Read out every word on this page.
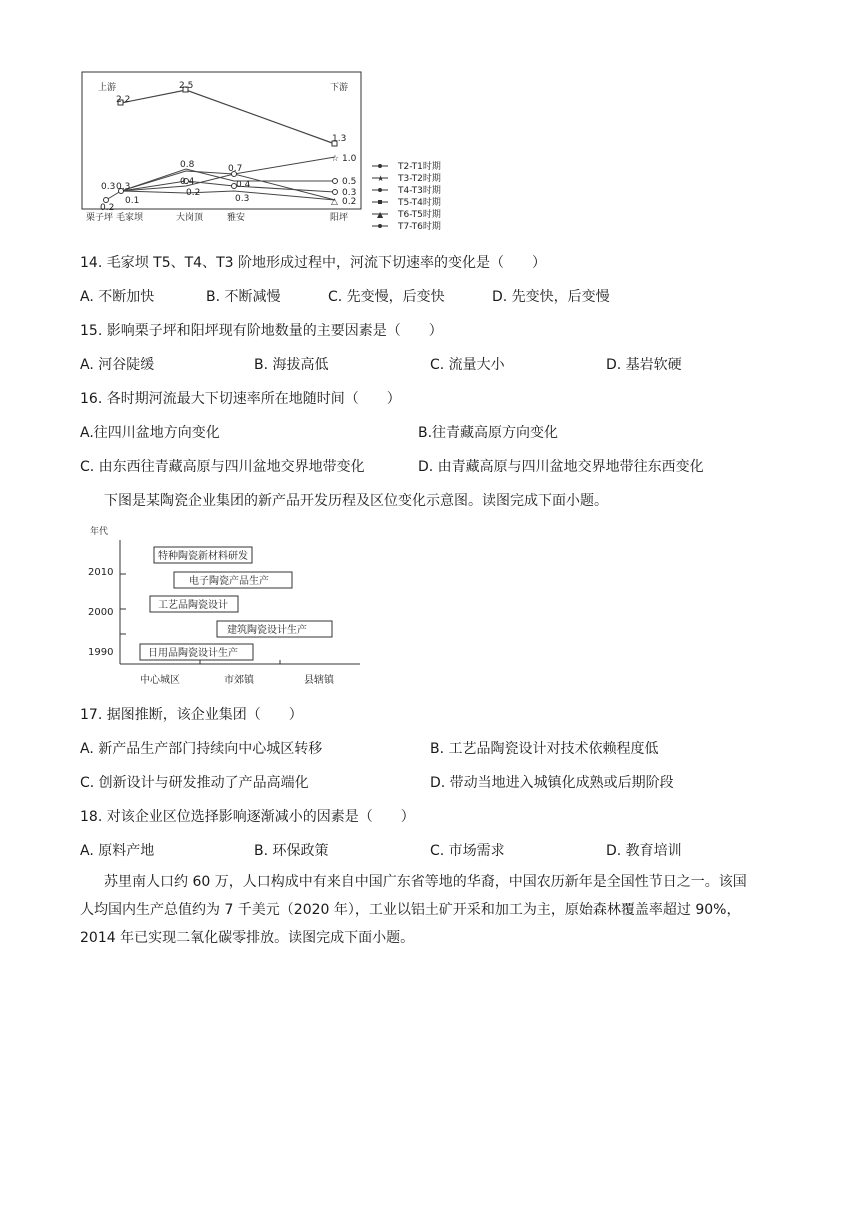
上游	下游
☆
△
2.2
2.5
1.3
0.8	0.7
1.0
0.4	0.4	0.5
0.3 0.3
0.3
0.2
0.1	0.3
0.2
0.2
栗子坪 毛家坝	大岗顶	雅安	阳坪
T2-T1时期
★ T3-T2时期
T4-T3时期
T5-T4时期
▲ T6-T5时期
T7-T6时期
14. 毛家坝 T5、T4、T3 阶地形成过程中，河流下切速率的变化是（　　）
A. 不断加快	B. 不断减慢	C. 先变慢，后变快	D. 先变快，后变慢
15. 影响栗子坪和阳坪现有阶地数量的主要因素是（　　）
A. 河谷陡缓	B. 海拔高低	C. 流量大小	D. 基岩软硬
16. 各时期河流最大下切速率所在地随时间（　　）
A.往四川盆地方向变化	B.往青藏高原方向变化
C. 由东西往青藏高原与四川盆地交界地带变化	D. 由青藏高原与四川盆地交界地带往东西变化
下图是某陶瓷企业集团的新产品开发历程及区位变化示意图。读图完成下面小题。
年代
2010
2000
1990
中心城区	市郊镇	县辖镇
特种陶瓷新材料研发
电子陶瓷产品生产
工艺品陶瓷设计
建筑陶瓷设计生产
日用品陶瓷设计生产
17. 据图推断，该企业集团（　　）
A. 新产品生产部门持续向中心城区转移	B. 工艺品陶瓷设计对技术依赖程度低
C. 创新设计与研发推动了产品高端化	D. 带动当地进入城镇化成熟或后期阶段
18. 对该企业区位选择影响逐渐减小的因素是（　　）
A. 原料产地	B. 环保政策	C. 市场需求	D. 教育培训
苏里南人口约 60 万，人口构成中有来自中国广东省等地的华裔，中国农历新年是全国性节日之一。该国人均国内生产总值约为 7 千美元（2020 年），工业以铝土矿开采和加工为主，原始森林覆盖率超过 90%，2014 年已实现二氧化碳零排放。读图完成下面小题。
